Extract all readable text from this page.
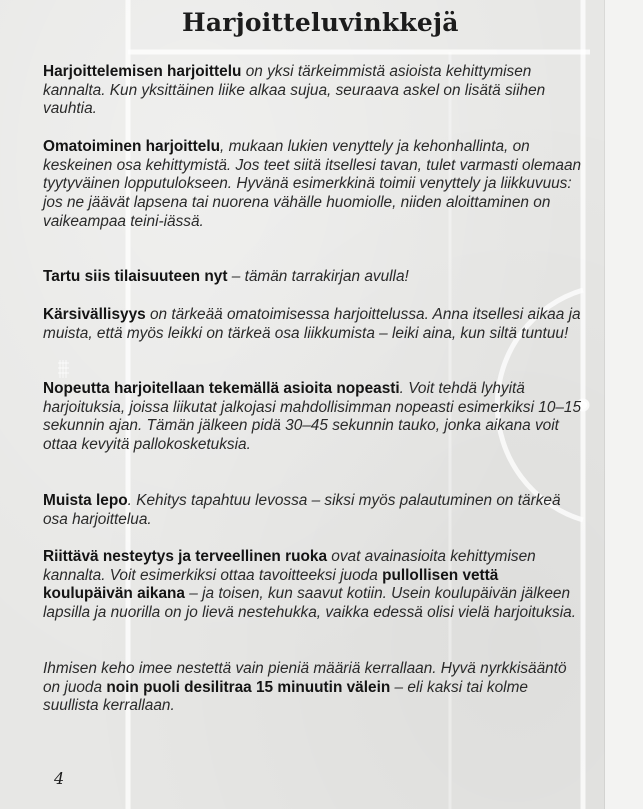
Harjoitteluvinkkejä

Harjoittelemisen harjoittelu on yksi tärkeimmistä asioista kehittymisen kannalta. Kun yksittäinen liike alkaa sujua, seuraava askel on lisätä siihen vauhtia.

Omatoiminen harjoittelu, mukaan lukien venyttely ja kehonhallinta, on keskeinen osa kehittymistä. Jos teet siitä itsellesi tavan, tulet varmasti olemaan tyytyväinen lopputulokseen. Hyvänä esimerkkinä toimii venyttely ja liikkuvuus: jos ne jäävät lapsena tai nuorena vähälle huomiolle, niiden aloittaminen on vaikeampaa teini-iässä.

Tartu siis tilaisuuteen nyt – tämän tarrakirjan avulla!

Kärsivällisyys on tärkeää omatoimisessa harjoittelussa. Anna itsellesi aikaa ja muista, että myös leikki on tärkeä osa liikkumista – leiki aina, kun siltä tuntuu!

Nopeutta harjoitellaan tekemällä asioita nopeasti. Voit tehdä lyhyitä harjoituksia, joissa liikutat jalkojasi mahdollisimman nopeasti esimerkiksi 10–15 sekunnin ajan. Tämän jälkeen pidä 30–45 sekunnin tauko, jonka aikana voit ottaa kevyitä pallokosketuksia.

Muista lepo. Kehitys tapahtuu levossa – siksi myös palautuminen on tärkeä osa harjoittelua.

Riittävä nesteytys ja terveellinen ruoka ovat avainasioita kehittymisen kannalta. Voit esimerkiksi ottaa tavoitteeksi juoda pullollisen vettä koulupäivän aikana – ja toisen, kun saavut kotiin. Usein koulupäivän jälkeen lapsilla ja nuorilla on jo lievä nestehukka, vaikka edessä olisi vielä harjoituksia.

Ihmisen keho imee nestettä vain pieniä määriä kerrallaan. Hyvä nyrkkisääntö on juoda noin puoli desilitraa 15 minuutin välein – eli kaksi tai kolme suullista kerrallaan.

4
